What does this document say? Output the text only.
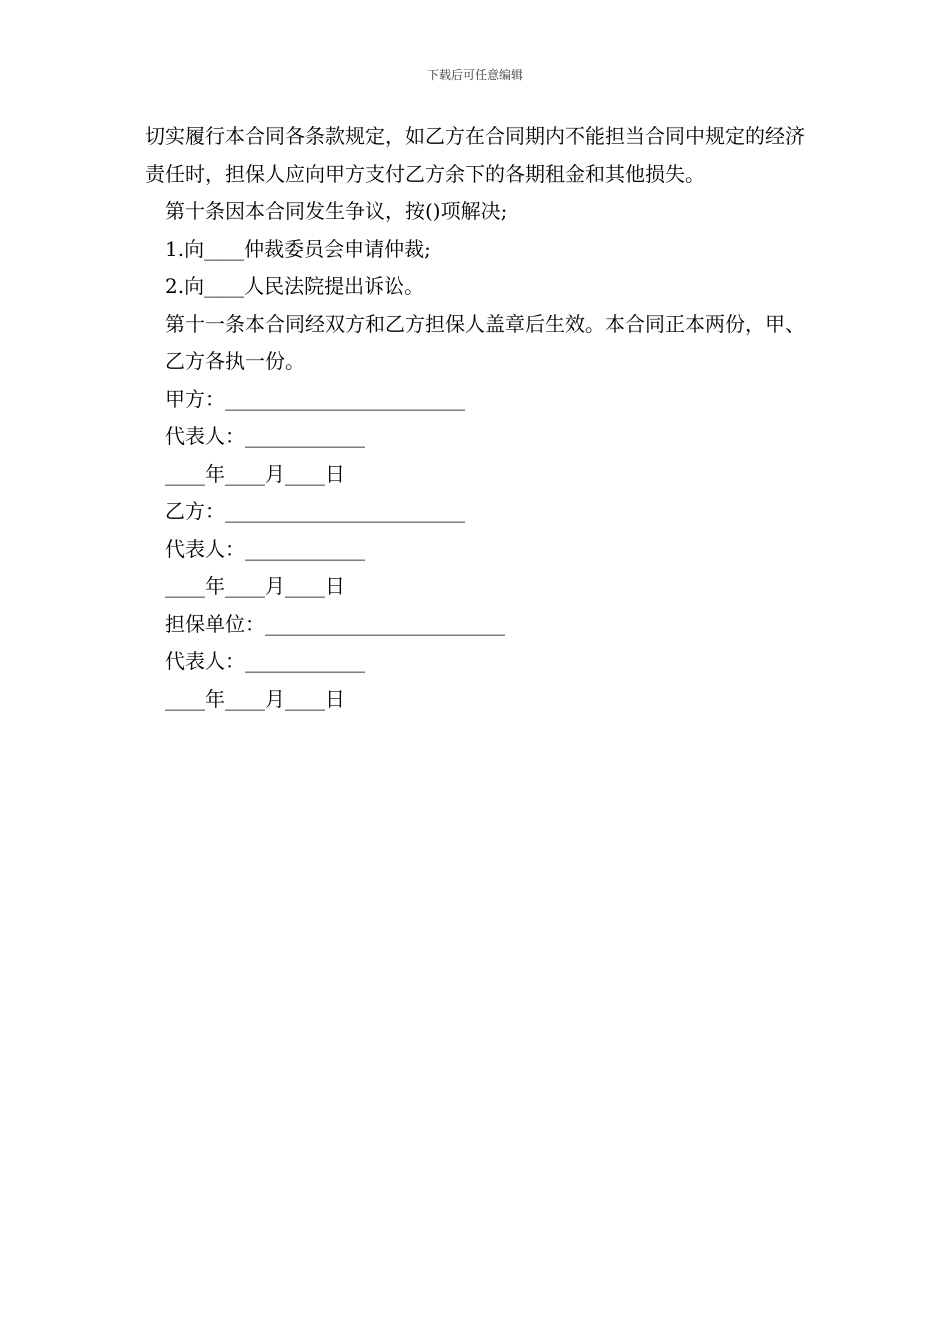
下载后可任意编辑

切实履行本合同各条款规定，如乙方在合同期内不能担当合同中规定的经济责任时，担保人应向甲方支付乙方余下的各期租金和其他损失。

第十条因本合同发生争议，按()项解决;

1.向____仲裁委员会申请仲裁;

2.向____人民法院提出诉讼。

第十一条本合同经双方和乙方担保人盖章后生效。本合同正本两份，甲、乙方各执一份。

甲方：________________________

代表人：____________

____年____月____日

乙方：________________________

代表人：____________

____年____月____日

担保单位：________________________

代表人：____________

____年____月____日
